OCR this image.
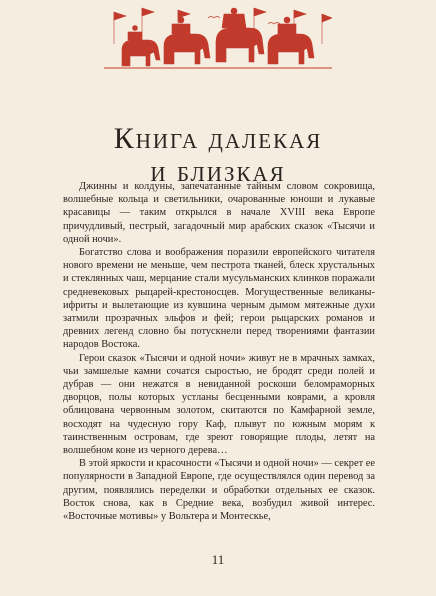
Книга далекая
и близкая

Джинны и колдуны, запечатанные тайным словом сокровища, волшебные кольца и светильники, очарованные юноши и лукавые красавицы — таким открылся в начале XVIII века Европе причудливый, пестрый, загадочный мир арабских сказок «Тысячи и одной ночи».

Богатство слова и воображения поразили европейского читателя нового времени не меньше, чем пестрота тканей, блеск хрустальных и стеклянных чаш, мерцание стали мусульманских клинков поражали средневековых рыцарей-крестоносцев. Могущественные великаны-ифриты и вылетающие из кувшина черным дымом мятежные духи затмили прозрачных эльфов и фей; герои рыцарских романов и древних легенд словно бы потускнели перед творениями фантазии народов Востока.

Герои сказок «Тысячи и одной ночи» живут не в мрачных замках, чьи замшелые камни сочатся сыростью, не бродят среди полей и дубрав — они нежатся в невиданной роскоши беломраморных дворцов, полы которых устланы бесценными коврами, а кровля облицована червонным золотом, скитаются по Камфарной земле, восходят на чудесную гору Каф, плывут по южным морям к таинственным островам, где зреют говорящие плоды, летят на волшебном коне из черного дерева…

В этой яркости и красочности «Тысячи и одной ночи» — секрет ее популярности в Западной Европе, где осуществлялся один перевод за другим, появлялись переделки и обработки отдельных ее сказок. Восток снова, как в Средние века, возбудил живой интерес. «Восточные мотивы» у Вольтера и Монтескье,

11
